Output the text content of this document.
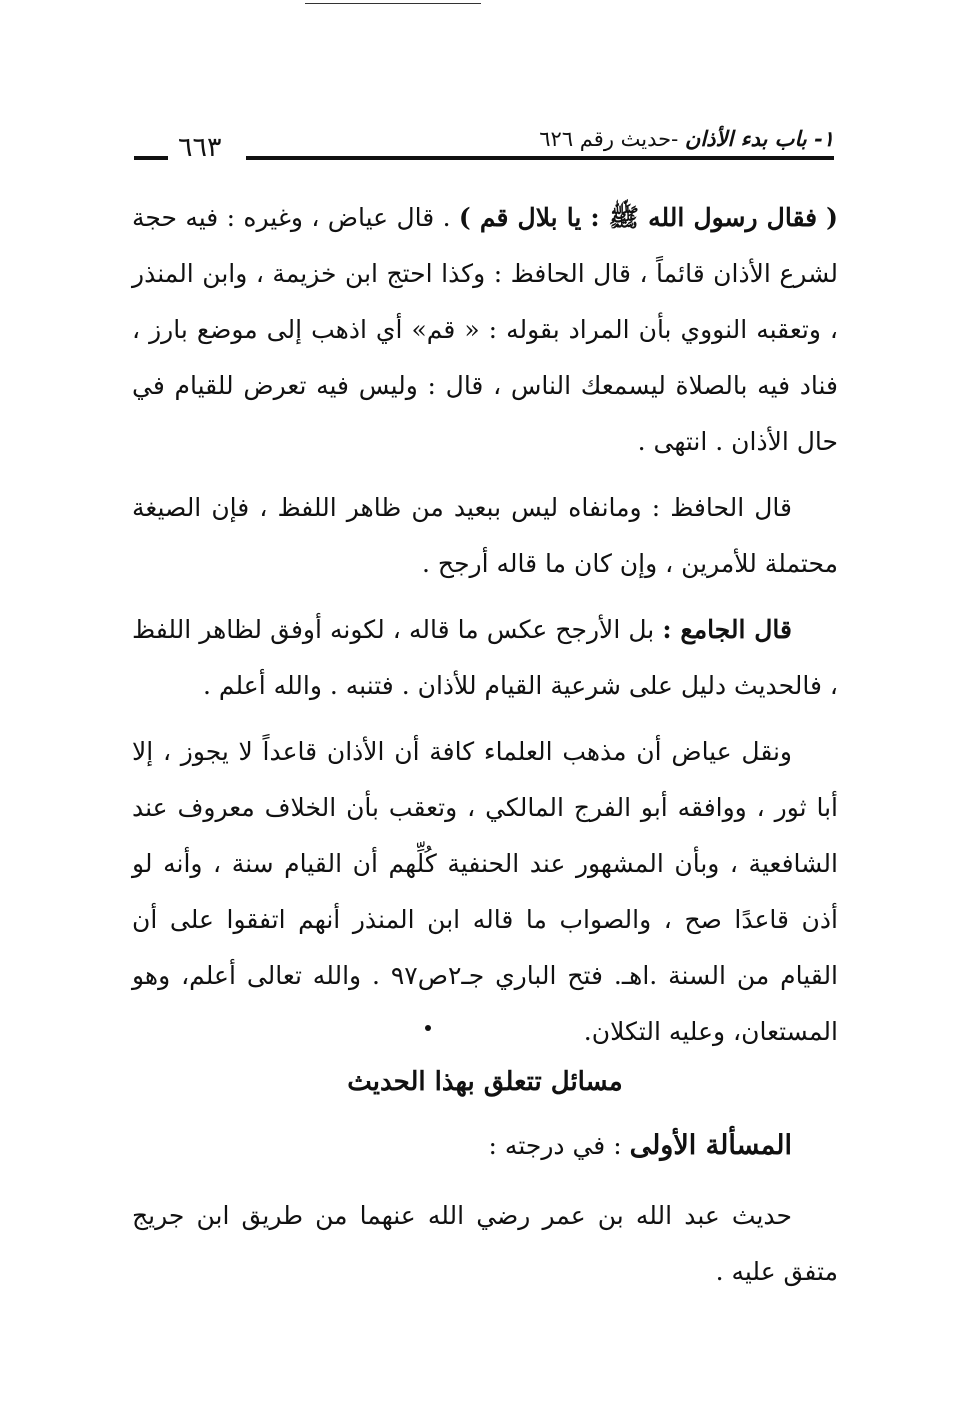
٦٦٣	١- باب بدء الأذان -حديث رقم ٦٢٦

( فقال رسول الله ﷺ : يا بلال قم ) . قال عياض ، وغيره : فيه حجة لشرع الأذان قائماً ، قال الحافظ : وكذا احتج ابن خزيمة ، وابن المنذر ، وتعقبه النووي بأن المراد بقوله : « قم» أي اذهب إلى موضع بارز ، فناد فيه بالصلاة ليسمعك الناس ، قال : وليس فيه تعرض للقيام في حال الأذان . انتهى .

قال الحافظ : ومانفاه ليس ببعيد من ظاهر اللفظ ، فإن الصيغة محتملة للأمرين ، وإن كان ما قاله أرجح .

قال الجامع : بل الأرجح عكس ما قاله ، لكونه أوفق لظاهر اللفظ ، فالحديث دليل على شرعية القيام للأذان . فتنبه . والله أعلم .

ونقل عياض أن مذهب العلماء كافة أن الأذان قاعداً لا يجوز ، إلا أبا ثور ، ووافقه أبو الفرج المالكي ، وتعقب بأن الخلاف معروف عند الشافعية ، وبأن المشهور عند الحنفية كُلِّهم أن القيام سنة ، وأنه لو أذن قاعدًا صح ، والصواب ما قاله ابن المنذر أنهم اتفقوا على أن القيام من السنة .اهـ. فتح الباري جـ٢ص٩٧ . والله تعالى أعلم، وهو المستعان، وعليه التكلان.

مسائل تتعلق بهذا الحديث

المسألة الأولى : في درجته :

حديث عبد الله بن عمر رضي الله عنهما من طريق ابن جريج متفق عليه .
